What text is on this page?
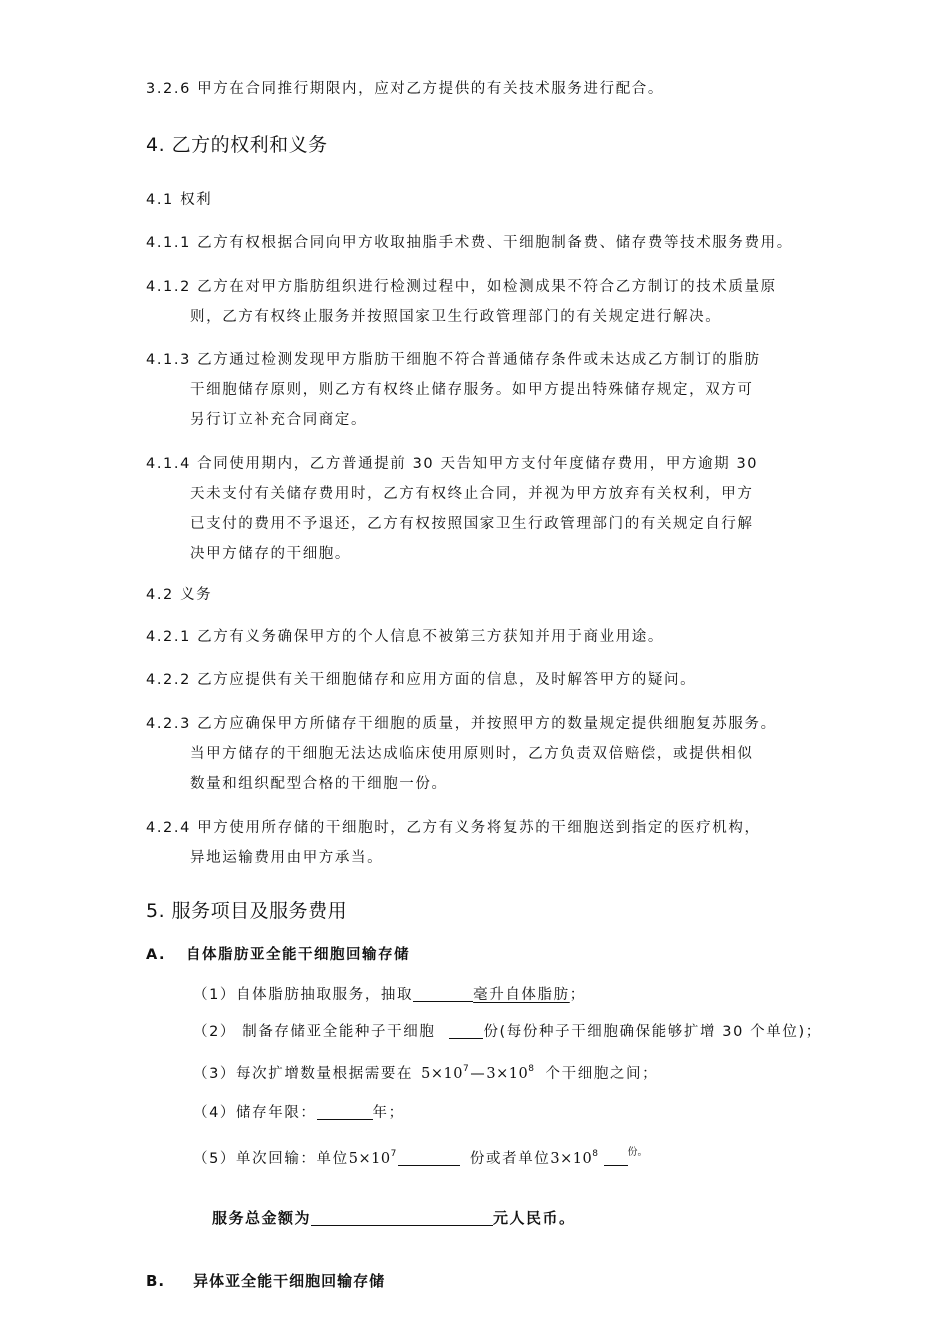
3.2.6 甲方在合同推行期限内，应对乙方提供的有关技术服务进行配合。
4. 乙方的权利和义务
4.1 权利
4.1.1 乙方有权根据合同向甲方收取抽脂手术费、干细胞制备费、储存费等技术服务费用。
4.1.2 乙方在对甲方脂肪组织进行检测过程中，如检测成果不符合乙方制订的技术质量原
则，乙方有权终止服务并按照国家卫生行政管理部门的有关规定进行解决。
4.1.3 乙方通过检测发现甲方脂肪干细胞不符合普通储存条件或未达成乙方制订的脂肪
干细胞储存原则，则乙方有权终止储存服务。如甲方提出特殊储存规定，双方可
另行订立补充合同商定。
4.1.4 合同使用期内，乙方普通提前 30 天告知甲方支付年度储存费用，甲方逾期 30
天未支付有关储存费用时，乙方有权终止合同，并视为甲方放弃有关权利，甲方
已支付的费用不予退还，乙方有权按照国家卫生行政管理部门的有关规定自行解
决甲方储存的干细胞。
4.2 义务
4.2.1 乙方有义务确保甲方的个人信息不被第三方获知并用于商业用途。
4.2.2 乙方应提供有关干细胞储存和应用方面的信息，及时解答甲方的疑问。
4.2.3 乙方应确保甲方所储存干细胞的质量，并按照甲方的数量规定提供细胞复苏服务。
当甲方储存的干细胞无法达成临床使用原则时，乙方负责双倍赔偿，或提供相似
数量和组织配型合格的干细胞一份。
4.2.4 甲方使用所存储的干细胞时，乙方有义务将复苏的干细胞送到指定的医疗机构，
异地运输费用由甲方承当。
5. 服务项目及服务费用
A. 自体脂肪亚全能干细胞回输存储
（1）自体脂肪抽取服务，抽取	毫升自体脂肪；
（2） 制备存储亚全能种子干细胞	份(每份种子干细胞确保能够扩增 30 个单位)；
（3）每次扩增数量根据需要在 $5\times 10^7—3\times 10^8$ 个干细胞之间；
（4）储存年限：	年；
（5）单次回输：单位$5\times 10^7$	份或者单位$3\times 10^8$	$^{份。}$
服务总金额为	元人民币。
B. 异体亚全能干细胞回输存储
